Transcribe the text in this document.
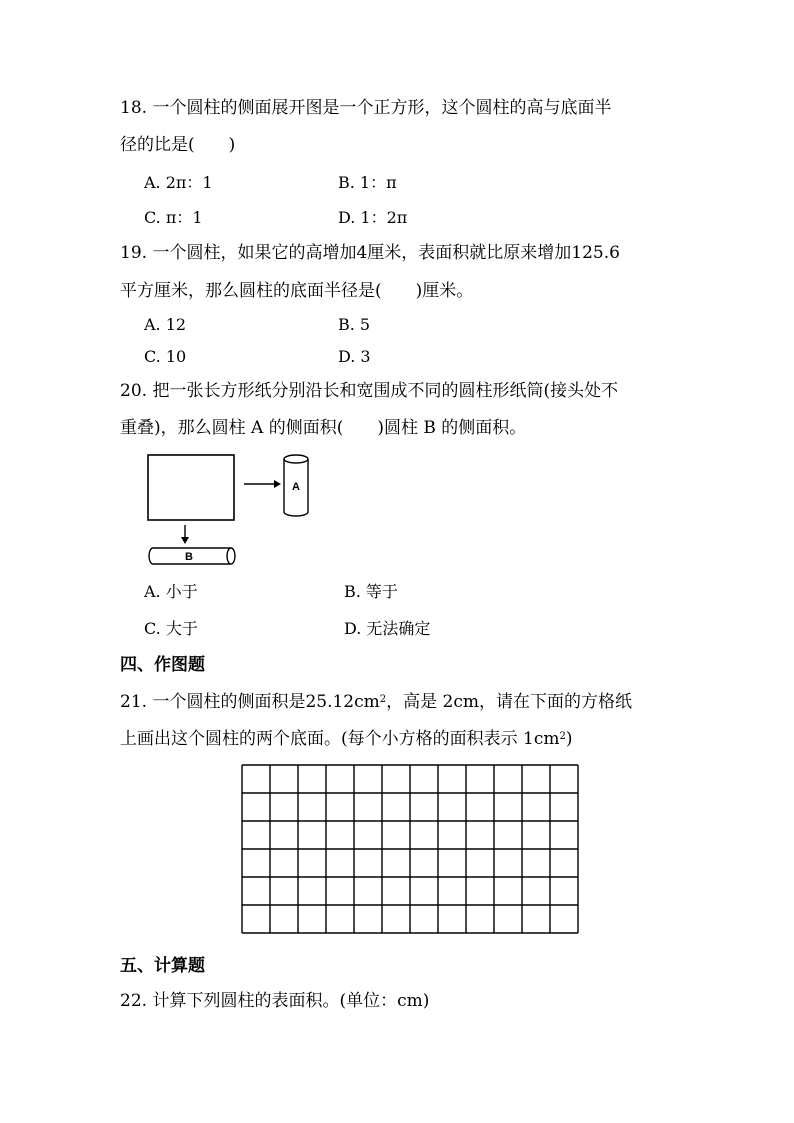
18. 一个圆柱的侧面展开图是一个正方形，这个圆柱的高与底面半
径的比是(　　)
A. 2π：1	B. 1：π
C. π：1	D. 1：2π
19. 一个圆柱，如果它的高增加4厘米，表面积就比原来增加125.6
平方厘米，那么圆柱的底面半径是(　　)厘米。
A. 12	B. 5
C. 10	D. 3
20. 把一张长方形纸分别沿长和宽围成不同的圆柱形纸筒(接头处不
重叠)，那么圆柱 A 的侧面积(　　)圆柱 B 的侧面积。
A
B
A. 小于	B. 等于
C. 大于	D. 无法确定
四、作图题
21. 一个圆柱的侧面积是$25.12cm^2$，高是 2cm，请在下面的方格纸
上画出这个圆柱的两个底面。(每个小方格的面积表示 $1cm^2$)
五、计算题
22. 计算下列圆柱的表面积。(单位：cm)
